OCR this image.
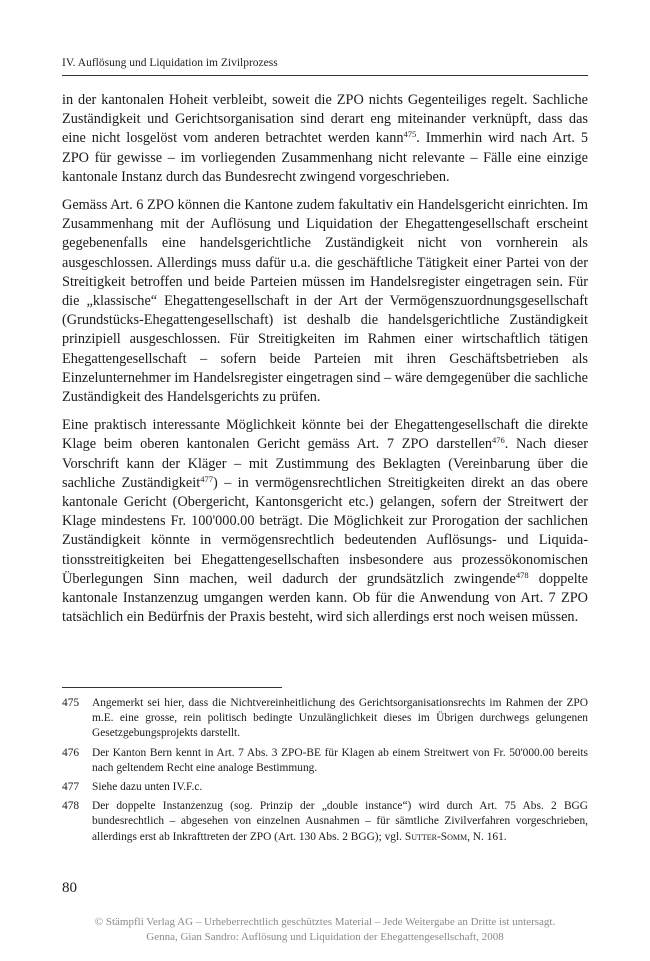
IV. Auflösung und Liquidation im Zivilprozess

in der kantonalen Hoheit verbleibt, soweit die ZPO nichts Gegenteiliges regelt. Sachliche Zuständigkeit und Gerichtsorganisation sind derart eng miteinander verknüpft, dass das eine nicht losgelöst vom anderen betrachtet werden kann$^{475}$. Immerhin wird nach Art. 5 ZPO für gewisse – im vorliegenden Zusammenhang nicht relevante – Fälle eine einzige kantonale Instanz durch das Bundesrecht zwingend vorgeschrieben.

Gemäss Art. 6 ZPO können die Kantone zudem fakultativ ein Handelsgericht einrichten. Im Zusammenhang mit der Auflösung und Liquidation der Ehegattengesellschaft erscheint gegebenenfalls eine handelsgerichtliche Zuständigkeit nicht von vornherein als ausgeschlossen. Allerdings muss dafür u.a. die geschäftliche Tätigkeit einer Partei von der Streitigkeit betroffen und beide Parteien müssen im Handelsregister eingetragen sein. Für die „klassische“ Ehegattengesellschaft in der Art der Vermögenszuordnungsgesellschaft (Grundstücks-Ehegattengesellschaft) ist deshalb die handelsgerichtliche Zuständigkeit prinzipiell ausgeschlossen. Für Streitigkeiten im Rahmen einer wirtschaftlich tätigen Ehegattengesellschaft – sofern beide Parteien mit ihren Geschäftsbetrieben als Einzelunternehmer im Handelsregister eingetragen sind – wäre demgegenüber die sachliche Zuständigkeit des Handelsgerichts zu prüfen.

Eine praktisch interessante Möglichkeit könnte bei der Ehegattengesellschaft die direkte Klage beim oberen kantonalen Gericht gemäss Art. 7 ZPO darstellen$^{476}$. Nach dieser Vorschrift kann der Kläger – mit Zustimmung des Beklagten (Vereinbarung über die sachliche Zuständigkeit$^{477}$) – in vermögensrechtlichen Streitigkeiten direkt an das obere kantonale Gericht (Obergericht, Kantonsgericht etc.) gelangen, sofern der Streitwert der Klage mindestens Fr. 100'000.00 beträgt. Die Möglichkeit zur Prorogation der sachlichen Zuständigkeit könnte in vermögensrechtlich bedeutenden Auflösungs- und Liquidationsstreitigkeiten bei Ehegattengesellschaften insbesondere aus prozessökonomischen Überlegungen Sinn machen, weil dadurch der grundsätzlich zwingende$^{478}$ doppelte kantonale Instanzenzug umgangen werden kann. Ob für die Anwendung von Art. 7 ZPO tatsächlich ein Bedürfnis der Praxis besteht, wird sich allerdings erst noch weisen müssen.

475	Angemerkt sei hier, dass die Nichtvereinheitlichung des Gerichtsorganisationsrechts im Rahmen der ZPO m.E. eine grosse, rein politisch bedingte Unzulänglichkeit dieses im Übrigen durchwegs gelungenen Gesetzgebungsprojekts darstellt.
476	Der Kanton Bern kennt in Art. 7 Abs. 3 ZPO-BE für Klagen ab einem Streitwert von Fr. 50'000.00 bereits nach geltendem Recht eine analoge Bestimmung.
477	Siehe dazu unten IV.F.c.
478	Der doppelte Instanzenzug (sog. Prinzip der „double instance“) wird durch Art. 75 Abs. 2 BGG bundesrechtlich – abgesehen von einzelnen Ausnahmen – für sämtliche Zivilverfahren vorgeschrieben, allerdings erst ab Inkrafttreten der ZPO (Art. 130 Abs. 2 BGG); vgl. Sutter-Somm, N. 161.
80
© Stämpfli Verlag AG – Urheberrechtlich geschütztes Material – Jede Weitergabe an Dritte ist untersagt.
Genna, Gian Sandro: Auflösung und Liquidation der Ehegattengesellschaft, 2008
